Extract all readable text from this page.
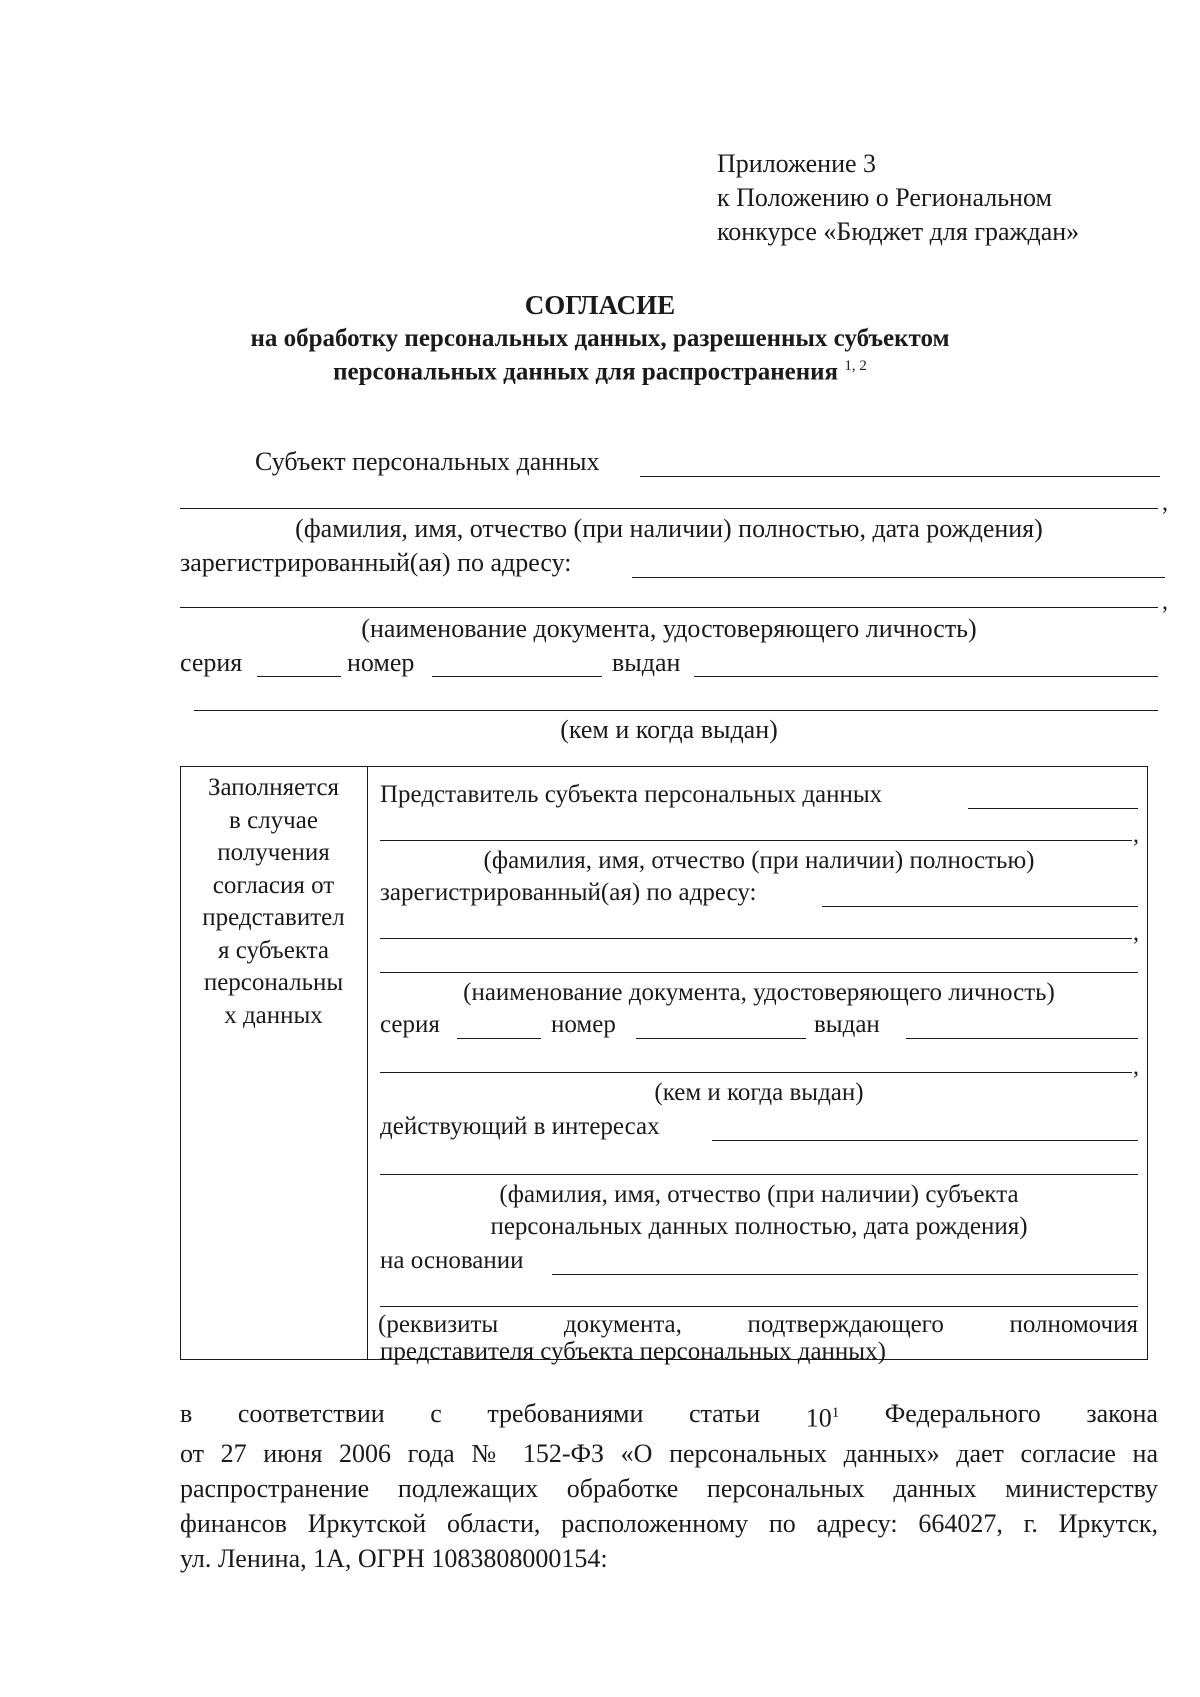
Приложение 3
к Положению о Региональном
конкурсе «Бюджет для граждан»
СОГЛАСИЕ
на обработку персональных данных, разрешенных субъектом
персональных данных для распространения $^{1, 2}$
Субъект персональных данных
,
(фамилия, имя, отчество (при наличии) полностью, дата рождения)
зарегистрированный(ая) по адресу:
,
(наименование документа, удостоверяющего личность)
серия	номер	выдан
(кем и когда выдан)
Заполняется
в случае
получения
согласия от
представител
я субъекта
персональны
х данных
Представитель субъекта персональных данных
,
(фамилия, имя, отчество (при наличии) полностью)
зарегистрированный(ая) по адресу:
,
(наименование документа, удостоверяющего личность)
серия	номер	выдан
,
(кем и когда выдан)
действующий в интересах
(фамилия, имя, отчество (при наличии) субъекта
персональных данных полностью, дата рождения)
на основании
(реквизиты	документа,	подтверждающего	полномочия
представителя субъекта персональных данных)
в соответствии с требованиями статьи $10^1$ Федерального закона
от 27 июня 2006 года № 152-ФЗ «О персональных данных» дает согласие на
распространение подлежащих обработке персональных данных министерству
финансов Иркутской области, расположенному по адресу: 664027, г. Иркутск,
ул. Ленина, 1А, ОГРН 1083808000154:
